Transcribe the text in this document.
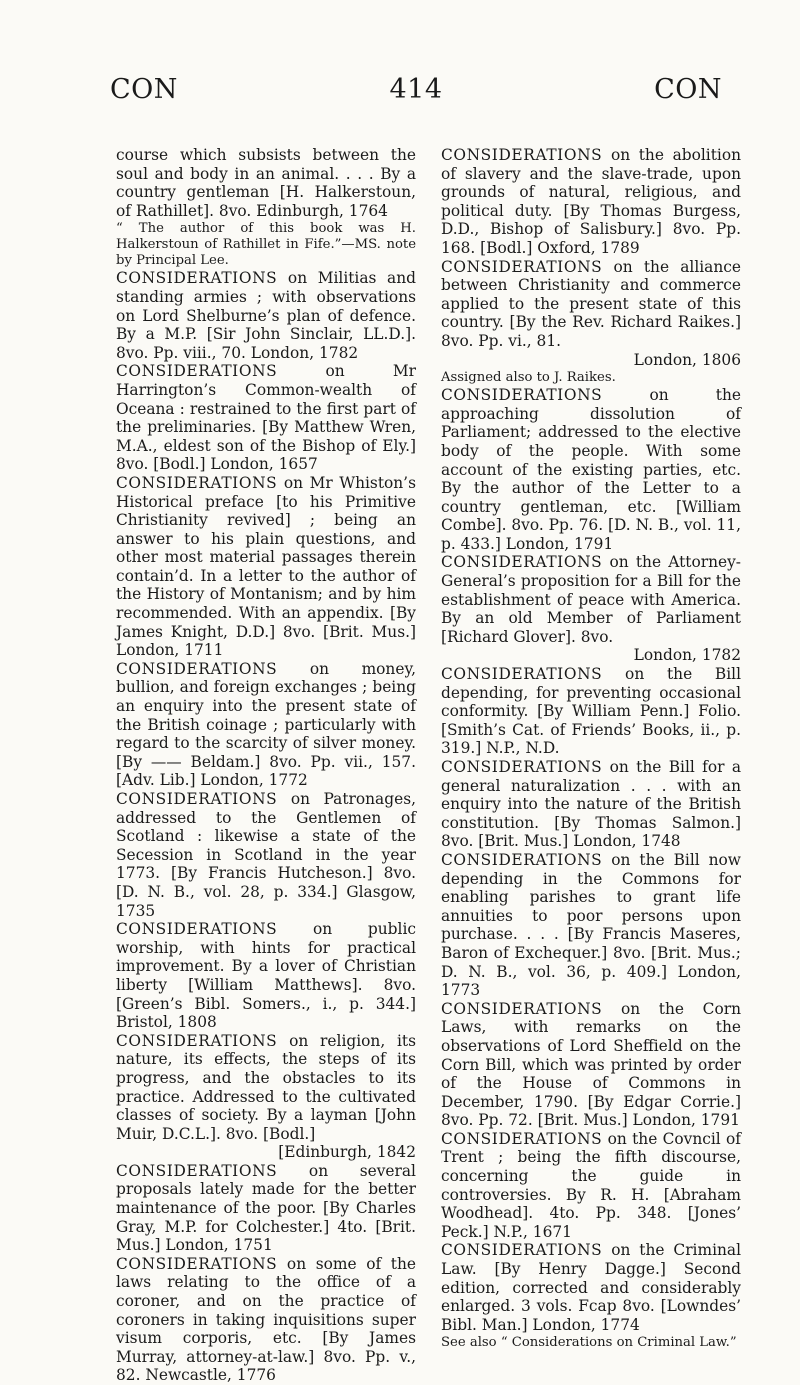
CON	414	CON

course which subsists between the soul and body in an animal. . . . By a country gentleman [H. Halkerstoun, of Rathillet]. 8vo. Edinburgh, 1764

“ The author of this book was H. Halkerstoun of Rathillet in Fife.”—MS. note by Principal Lee.

CONSIDERATIONS on Militias and standing armies ; with observations on Lord Shelburne’s plan of defence. By a M.P. [Sir John Sinclair, LL.D.]. 8vo. Pp. viii., 70. London, 1782

CONSIDERATIONS	on Mr Harrington’s Common-wealth of Oceana : restrained to the first part of the preliminaries. [By Matthew Wren, M.A., eldest son of the Bishop of Ely.] 8vo. [Bodl.] London, 1657

CONSIDERATIONS on Mr Whiston’s Historical preface [to his Primitive Christianity revived] ; being an answer to his plain questions, and other most material passages therein contain’d. In a letter to the author of the History of Montanism; and by him recommended. With an appendix. [By James Knight, D.D.] 8vo. [Brit. Mus.] London, 1711

CONSIDERATIONS on money, bullion, and foreign exchanges ; being an enquiry into the present state of the British coinage ; particularly with regard to the scarcity of silver money. [By —— Beldam.] 8vo. Pp. vii., 157. [Adv. Lib.] London, 1772

CONSIDERATIONS on Patronages, addressed to the Gentlemen of Scotland : likewise a state of the Secession in Scotland in the year 1773. [By Francis Hutcheson.] 8vo. [D. N. B., vol. 28, p. 334.] Glasgow, 1735

CONSIDERATIONS on public worship, with hints for practical improvement. By a lover of Christian liberty [William Matthews]. 8vo. [Green’s Bibl. Somers., i., p. 344.] Bristol, 1808

CONSIDERATIONS on religion, its nature, its effects, the steps of its progress, and the obstacles to its practice. Addressed to the cultivated classes of society. By a layman [John Muir, D.C.L.]. 8vo. [Bodl.]
[Edinburgh, 1842

CONSIDERATIONS on several proposals lately made for the better maintenance of the poor. [By Charles Gray, M.P. for Colchester.] 4to. [Brit. Mus.] London, 1751

CONSIDERATIONS on some of the laws relating to the office of a coroner, and on the practice of coroners in taking inquisitions super visum corporis, etc. [By James Murray, attorney-at-law.] 8vo. Pp. v., 82. Newcastle, 1776

CONSIDERATIONS on the abolition of slavery and the slave-trade, upon grounds of natural, religious, and political duty. [By Thomas Burgess, D.D., Bishop of Salisbury.] 8vo. Pp. 168. [Bodl.] Oxford, 1789

CONSIDERATIONS on the alliance between Christianity and commerce applied to the present state of this country. [By the Rev. Richard Raikes.] 8vo. Pp. vi., 81.
London, 1806

Assigned also to J. Raikes.

CONSIDERATIONS	on the approaching dissolution of Parliament; addressed to the elective body of the people. With some account of the existing parties, etc. By the author of the Letter to a country gentleman, etc. [William Combe]. 8vo. Pp. 76. [D. N. B., vol. 11, p. 433.] London, 1791

CONSIDERATIONS on the Attorney-General’s proposition for a Bill for the establishment of peace with America. By an old Member of Parliament [Richard Glover]. 8vo.
London, 1782

CONSIDERATIONS on the Bill depending, for preventing occasional conformity. [By William Penn.] Folio. [Smith’s Cat. of Friends’ Books, ii., p. 319.] N.P., N.D.

CONSIDERATIONS on the Bill for a general naturalization . . . with an enquiry into the nature of the British constitution. [By Thomas Salmon.] 8vo. [Brit. Mus.] London, 1748

CONSIDERATIONS on the Bill now depending in the Commons for enabling parishes to grant life annuities to poor persons upon purchase. . . . [By Francis Maseres, Baron of Exchequer.] 8vo. [Brit. Mus.; D. N. B., vol. 36, p. 409.] London, 1773

CONSIDERATIONS on the Corn Laws, with remarks on the observations of Lord Sheffield on the Corn Bill, which was printed by order of the House of Commons in December, 1790. [By Edgar Corrie.] 8vo. Pp. 72. [Brit. Mus.] London, 1791

CONSIDERATIONS on the Covncil of Trent ; being the fifth discourse, concerning the guide in controversies. By R. H. [Abraham Woodhead]. 4to. Pp. 348. [Jones’ Peck.] N.P., 1671

CONSIDERATIONS on the Criminal Law. [By Henry Dagge.] Second edition, corrected and considerably enlarged. 3 vols. Fcap 8vo. [Lowndes’ Bibl. Man.] London, 1774

See also “ Considerations on Criminal Law.”
